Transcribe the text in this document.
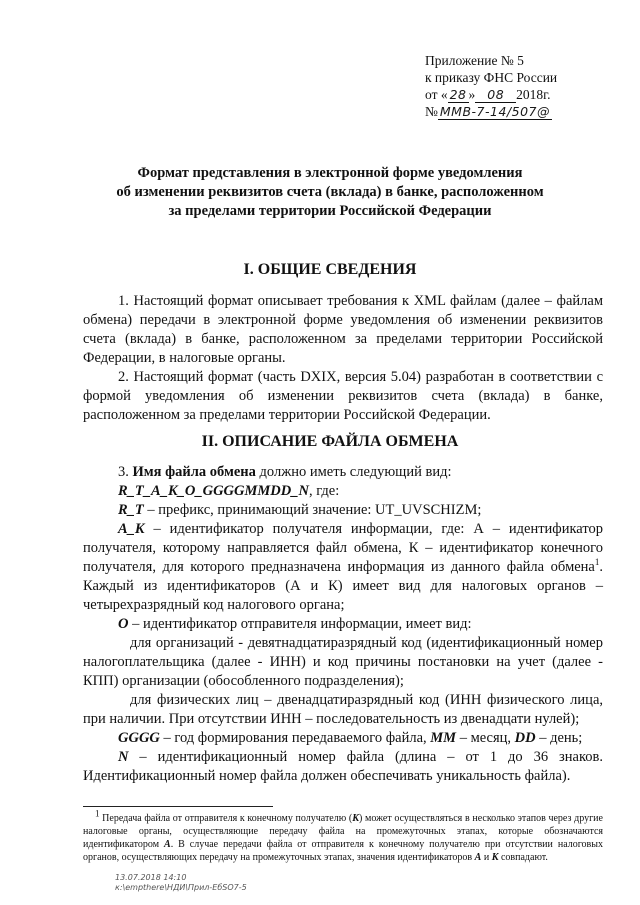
Приложение № 5
к приказу ФНС России
от « 28 » 08 2018г.
№ ММВ-7-14/507@
Формат представления в электронной форме уведомления
об изменении реквизитов счета (вклада) в банке, расположенном
за пределами территории Российской Федерации
I. ОБЩИЕ СВЕДЕНИЯ

1. Настоящий формат описывает требования к XML файлам (далее – файлам обмена) передачи в электронной форме уведомления об изменении реквизитов счета (вклада) в банке, расположенном за пределами территории Российской Федерации, в налоговые органы.

2. Настоящий формат (часть DXIX, версия 5.04) разработан в соответствии с формой уведомления об изменении реквизитов счета (вклада) в банке, расположенном за пределами территории Российской Федерации.

II. ОПИСАНИЕ ФАЙЛА ОБМЕНА

3. Имя файла обмена должно иметь следующий вид:

R_T_A_K_O_GGGGMMDD_N, где:

R_T – префикс, принимающий значение: UT_UVSCHIZM;

A_K – идентификатор получателя информации, где: А – идентификатор получателя, которому направляется файл обмена, К – идентификатор конечного получателя, для которого предназначена информация из данного файла обмена$^1$. Каждый из идентификаторов (А и К) имеет вид для налоговых органов – четырехразрядный код налогового органа;

O – идентификатор отправителя информации, имеет вид:

для организаций - девятнадцатиразрядный код (идентификационный номер налогоплательщика (далее - ИНН) и код причины постановки на учет (далее - КПП) организации (обособленного подразделения);

для физических лиц – двенадцатиразрядный код (ИНН физического лица, при наличии. При отсутствии ИНН – последовательность из двенадцати нулей);

GGGG – год формирования передаваемого файла, MM – месяц, DD – день;

N – идентификационный номер файла (длина – от 1 до 36 знаков. Идентификационный номер файла должен обеспечивать уникальность файла).

$^1$ Передача файла от отправителя к конечному получателю (К) может осуществляться в несколько этапов через другие налоговые органы, осуществляющие передачу файла на промежуточных этапах, которые обозначаются идентификатором А. В случае передачи файла от отправителя к конечному получателю при отсутствии налоговых органов, осуществляющих передачу на промежуточных этапах, значения идентификаторов А и К совпадают.

13.07.2018 14:10
к:\empthere\НДИ\Прил-ЕбSО7-5
